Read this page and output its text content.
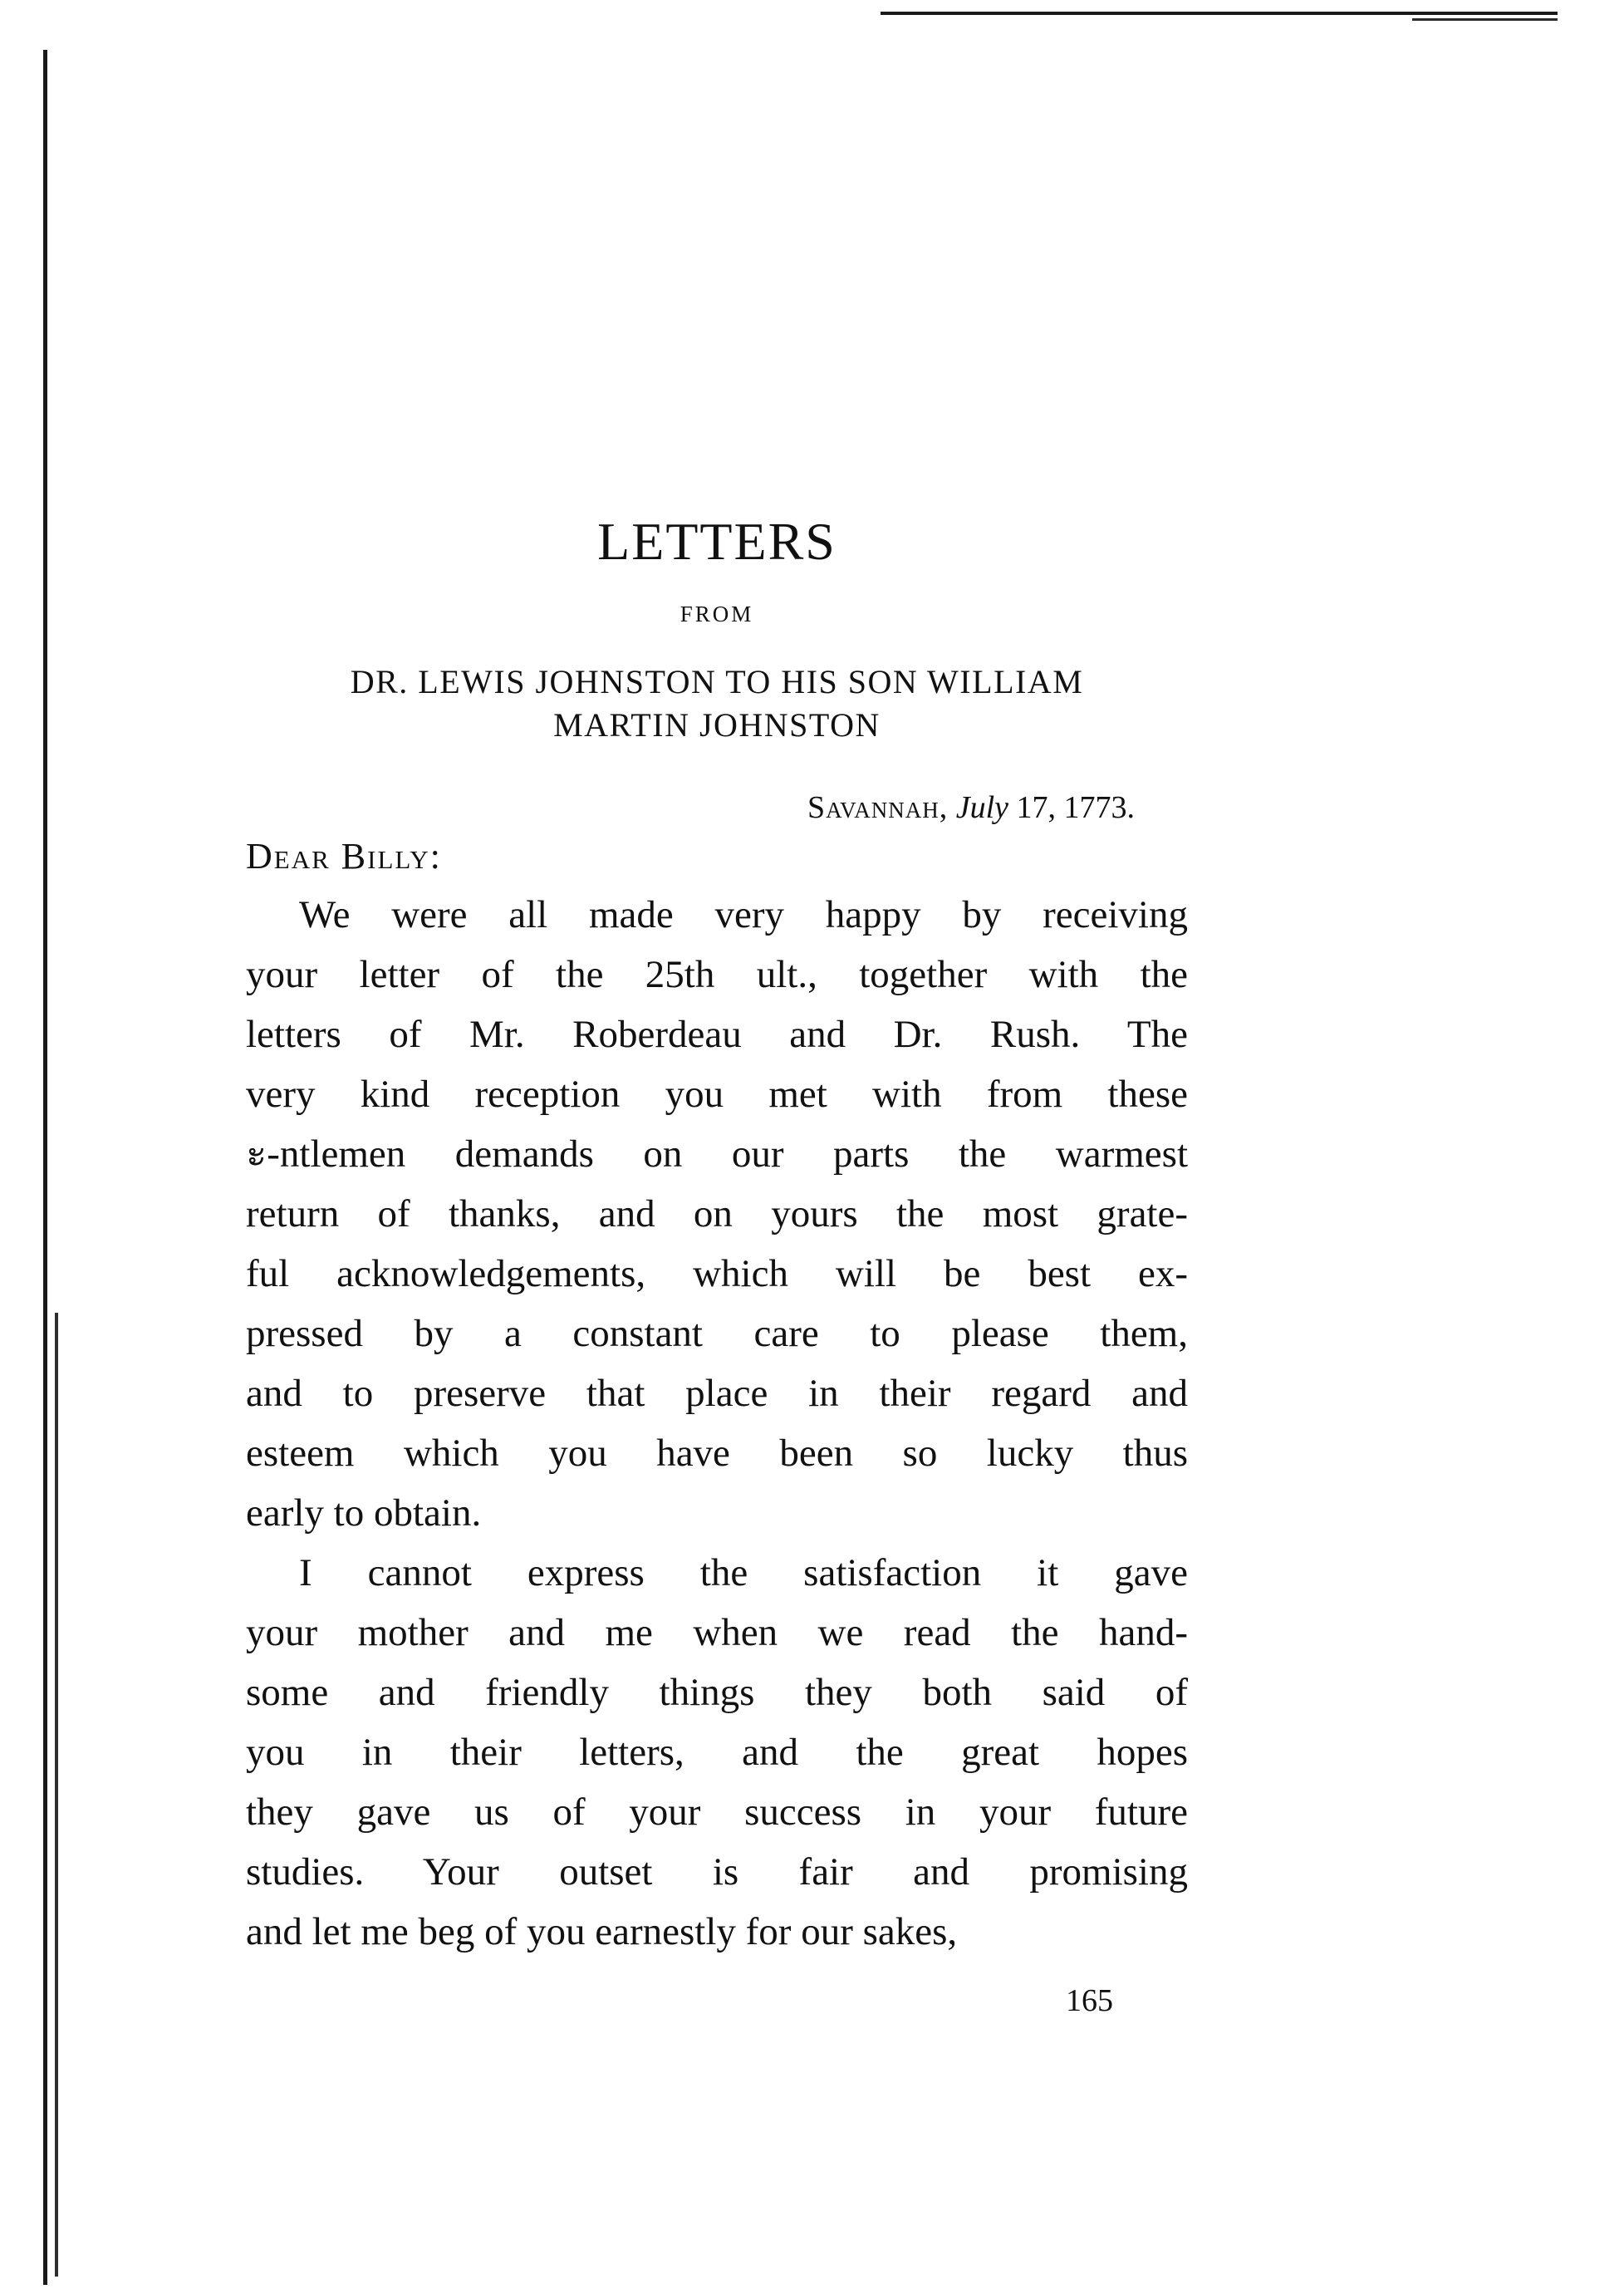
LETTERS
FROM
DR. LEWIS JOHNSTON TO HIS SON WILLIAM
MARTIN JOHNSTON
Savannah, July 17, 1773.
Dear Billy:

We were all made very happy by receiving
your letter of the 25th ult., together with the
letters of Mr. Roberdeau and Dr. Rush. The
very kind reception you met with from these
ะ-ntlemen demands on our parts the warmest
return of thanks, and on yours the most grate-
ful acknowledgements, which will be best ex-
pressed by a constant care to please them,
and to preserve that place in their regard and
esteem which you have been so lucky thus
early to obtain.

I cannot express the satisfaction it gave
your mother and me when we read the hand-
some and friendly things they both said of
you in their letters, and the great hopes
they gave us of your success in your future
studies. Your outset is fair and promising
and let me beg of you earnestly for our sakes,

165
